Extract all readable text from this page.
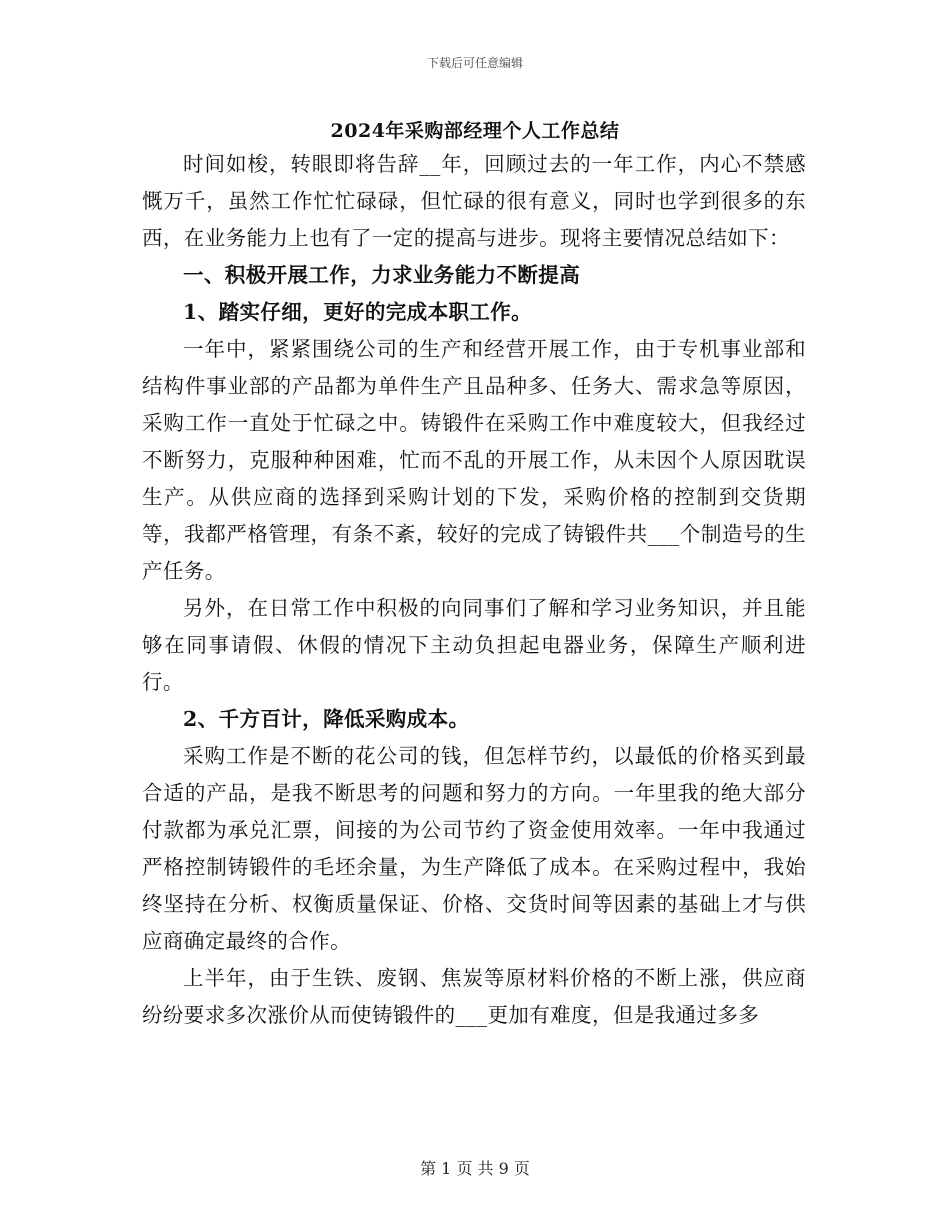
下载后可任意编辑
2024年采购部经理个人工作总结

时间如梭，转眼即将告辞__年，回顾过去的一年工作，内心不禁感慨万千，虽然工作忙忙碌碌，但忙碌的很有意义，同时也学到很多的东西，在业务能力上也有了一定的提高与进步。现将主要情况总结如下：

一、积极开展工作，力求业务能力不断提高

1、踏实仔细，更好的完成本职工作。

一年中，紧紧围绕公司的生产和经营开展工作，由于专机事业部和结构件事业部的产品都为单件生产且品种多、任务大、需求急等原因，采购工作一直处于忙碌之中。铸锻件在采购工作中难度较大，但我经过不断努力，克服种种困难，忙而不乱的开展工作，从未因个人原因耽误生产。从供应商的选择到采购计划的下发，采购价格的控制到交货期等，我都严格管理，有条不紊，较好的完成了铸锻件共___个制造号的生产任务。

另外，在日常工作中积极的向同事们了解和学习业务知识，并且能够在同事请假、休假的情况下主动负担起电器业务，保障生产顺利进行。

2、千方百计，降低采购成本。

采购工作是不断的花公司的钱，但怎样节约，以最低的价格买到最合适的产品，是我不断思考的问题和努力的方向。一年里我的绝大部分付款都为承兑汇票，间接的为公司节约了资金使用效率。一年中我通过严格控制铸锻件的毛坯余量，为生产降低了成本。在采购过程中，我始终坚持在分析、权衡质量保证、价格、交货时间等因素的基础上才与供应商确定最终的合作。

上半年，由于生铁、废钢、焦炭等原材料价格的不断上涨，供应商纷纷要求多次涨价从而使铸锻件的___更加有难度，但是我通过多多

第 1 页 共 9 页
